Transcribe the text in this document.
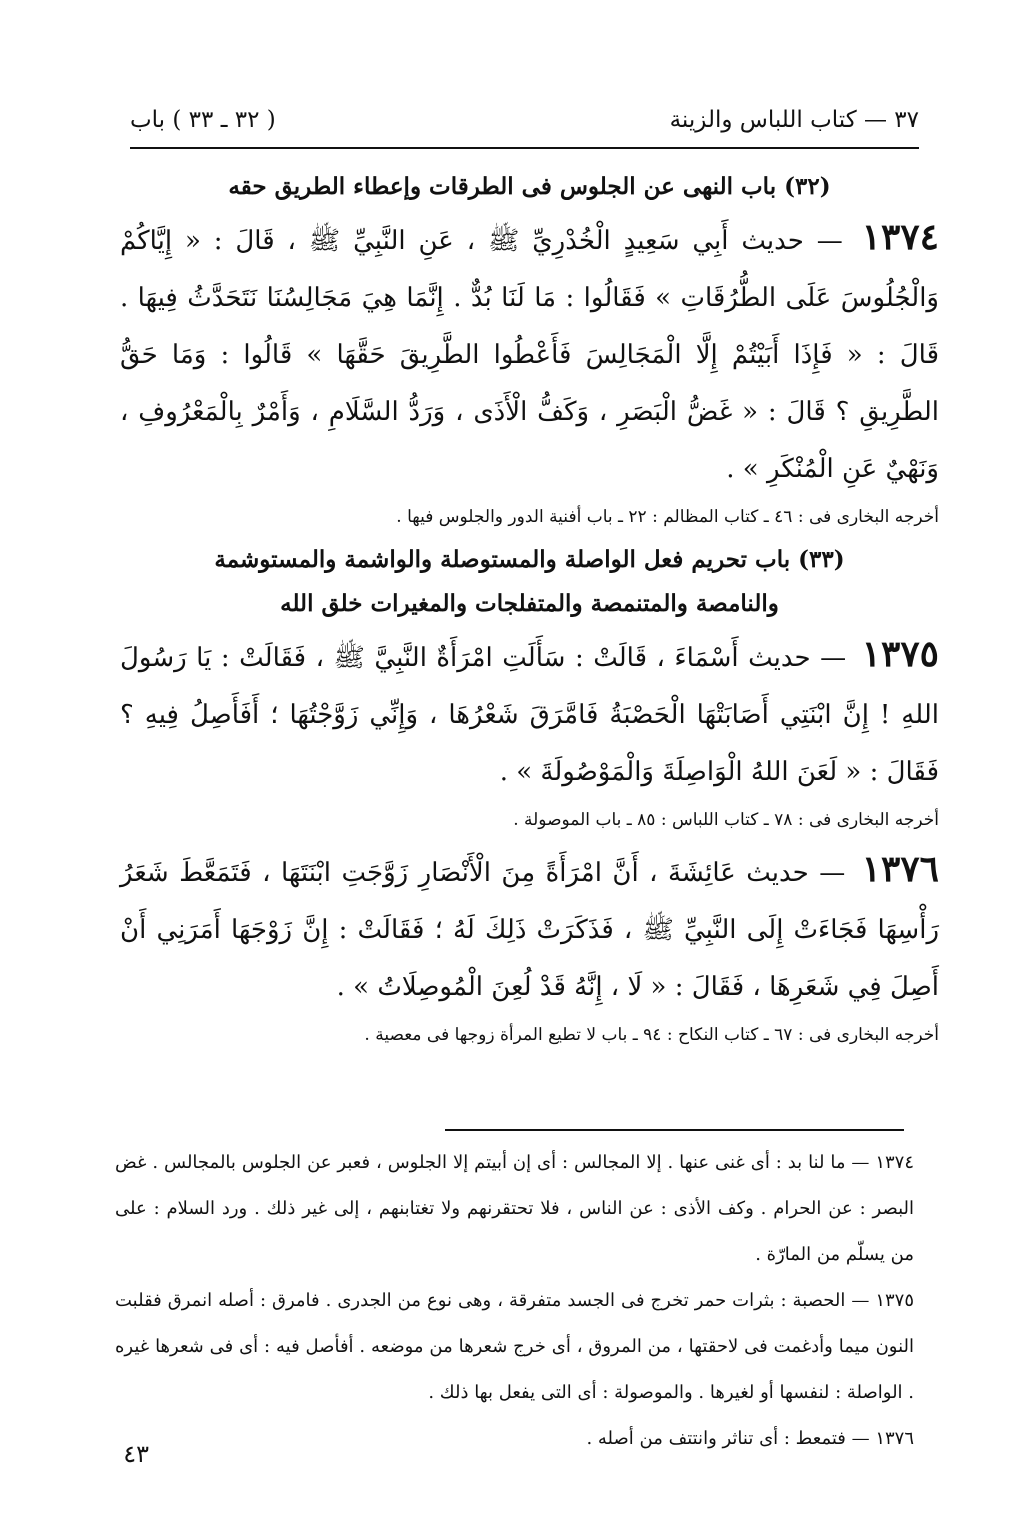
٣٧ — كتاب اللباس والزينة
( ٣٢ ـ ٣٣ ) باب
(٣٢) باب النهى عن الجلوس فى الطرقات وإعطاء الطريق حقه

١٣٧٤ — حديث أَبِي سَعِيدٍ الْخُدْرِيِّ ﷺ ، عَنِ النَّبِيِّ ﷺ ، قَالَ : « إِيَّاكُمْ وَالْجُلُوسَ عَلَى الطُّرُقَاتِ » فَقَالُوا : مَا لَنَا بُدٌّ . إِنَّمَا هِيَ مَجَالِسُنَا نَتَحَدَّثُ فِيهَا . قَالَ : « فَإِذَا أَبَيْتُمْ إِلَّا الْمَجَالِسَ فَأَعْطُوا الطَّرِيقَ حَقَّهَا » قَالُوا : وَمَا حَقُّ الطَّرِيقِ ؟ قَالَ : « غَضُّ الْبَصَرِ ، وَكَفُّ الْأَذَى ، وَرَدُّ السَّلَامِ ، وَأَمْرٌ بِالْمَعْرُوفِ ، وَنَهْيٌ عَنِ الْمُنْكَرِ » .

أخرجه البخارى فى : ٤٦ ـ كتاب المظالم : ٢٢ ـ باب أفنية الدور والجلوس فيها .

(٣٣) باب تحريم فعل الواصلة والمستوصلة والواشمة والمستوشمة
والنامصة والمتنمصة والمتفلجات والمغيرات خلق الله

١٣٧٥ — حديث أَسْمَاءَ ، قَالَتْ : سَأَلَتِ امْرَأَةٌ النَّبِيَّ ﷺ ، فَقَالَتْ : يَا رَسُولَ اللهِ ! إِنَّ ابْنَتِي أَصَابَتْهَا الْحَصْبَةُ فَامَّرَقَ شَعْرُهَا ، وَإِنِّي زَوَّجْتُهَا ؛ أَفَأَصِلُ فِيهِ ؟ فَقَالَ : « لَعَنَ اللهُ الْوَاصِلَةَ وَالْمَوْصُولَةَ » .

أخرجه البخارى فى : ٧٨ ـ كتاب اللباس : ٨٥ ـ باب الموصولة .

١٣٧٦ — حديث عَائِشَةَ ، أَنَّ امْرَأَةً مِنَ الْأَنْصَارِ زَوَّجَتِ ابْنَتَهَا ، فَتَمَعَّطَ شَعَرُ رَأْسِهَا فَجَاءَتْ إِلَى النَّبِيِّ ﷺ ، فَذَكَرَتْ ذَلِكَ لَهُ ؛ فَقَالَتْ : إِنَّ زَوْجَهَا أَمَرَنِي أَنْ أَصِلَ فِي شَعَرِهَا ، فَقَالَ : « لَا ، إِنَّهُ قَدْ لُعِنَ الْمُوصِلَاتُ » .

أخرجه البخارى فى : ٦٧ ـ كتاب النكاح : ٩٤ ـ باب لا تطيع المرأة زوجها فى معصية .

١٣٧٤ — ما لنا بد : أى غنى عنها . إلا المجالس : أى إن أبيتم إلا الجلوس ، فعبر عن الجلوس بالمجالس . غض البصر : عن الحرام . وكف الأذى : عن الناس ، فلا تحتقرنهم ولا تغتابنهم ، إلى غير ذلك . ورد السلام : على من يسلّم من المارّة .

١٣٧٥ — الحصبة : بثرات حمر تخرج فى الجسد متفرقة ، وهى نوع من الجدرى . فامرق : أصله انمرق فقلبت النون ميما وأدغمت فى لاحقتها ، من المروق ، أى خرج شعرها من موضعه . أفأصل فيه : أى فى شعرها غيره . الواصلة : لنفسها أو لغيرها . والموصولة : أى التى يفعل بها ذلك .

١٣٧٦ — فتمعط : أى تناثر وانتتف من أصله .

٤٣
